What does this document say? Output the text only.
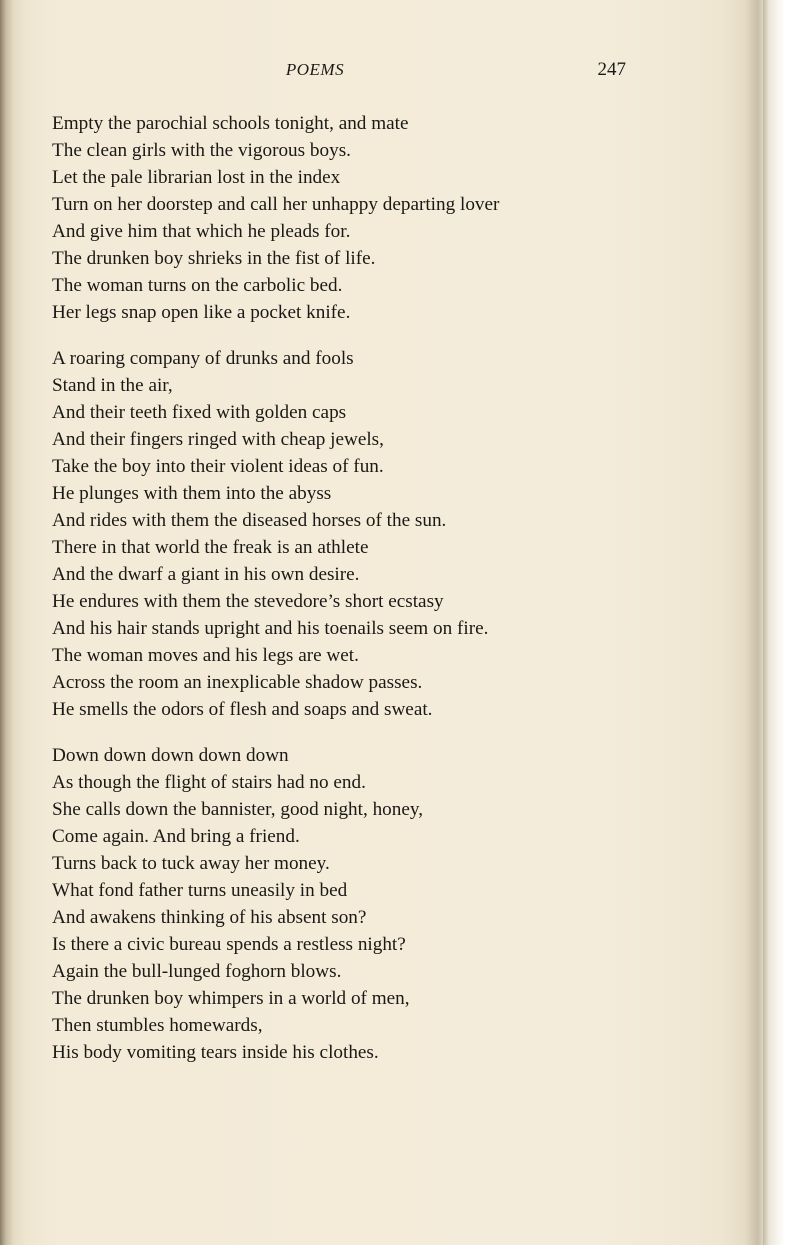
POEMS	247
Empty the parochial schools tonight, and mate
The clean girls with the vigorous boys.
Let the pale librarian lost in the index
Turn on her doorstep and call her unhappy departing lover
And give him that which he pleads for.
The drunken boy shrieks in the fist of life.
The woman turns on the carbolic bed.
Her legs snap open like a pocket knife.
A roaring company of drunks and fools
Stand in the air,
And their teeth fixed with golden caps
And their fingers ringed with cheap jewels,
Take the boy into their violent ideas of fun.
He plunges with them into the abyss
And rides with them the diseased horses of the sun.
There in that world the freak is an athlete
And the dwarf a giant in his own desire.
He endures with them the stevedore’s short ecstasy
And his hair stands upright and his toenails seem on fire.
The woman moves and his legs are wet.
Across the room an inexplicable shadow passes.
He smells the odors of flesh and soaps and sweat.
Down down down down down
As though the flight of stairs had no end.
She calls down the bannister, good night, honey,
Come again. And bring a friend.
Turns back to tuck away her money.
What fond father turns uneasily in bed
And awakens thinking of his absent son?
Is there a civic bureau spends a restless night?
Again the bull-lunged foghorn blows.
The drunken boy whimpers in a world of men,
Then stumbles homewards,
His body vomiting tears inside his clothes.
